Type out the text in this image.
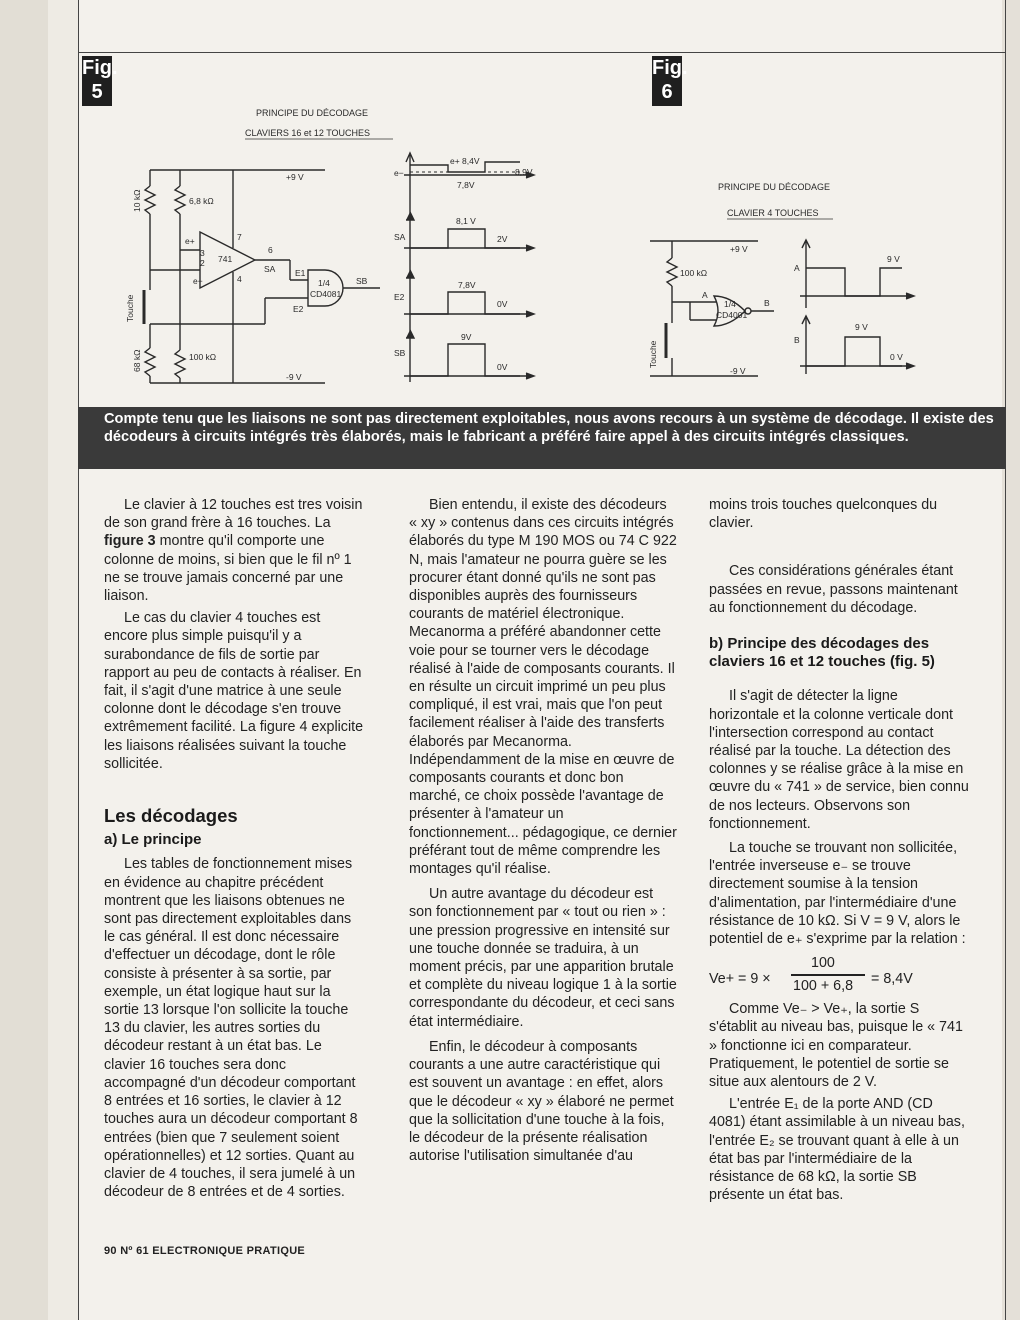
Fig.
5
Fig.
6
PRINCIPE DU DÉCODAGE
CLAVIERS 16 et 12 TOUCHES
PRINCIPE DU DÉCODAGE
CLAVIER 4 TOUCHES
+9 V
-9 V
10 kΩ	6,8 kΩ
68 kΩ	100 kΩ
Touche
741
e+
e−
3
2
7
4
6
SA E1
E2
1/4
CD4081
SB
e−
e+ 8,4V
8,9V
7,8V
SA
8,1 V
2V
E2
7,8V
0V
SB
9V
0V
+9 V
-9 V
100 kΩ
Touche
A
1/4
CD4001
B
A
9 V
B
9 V
0 V
Compte tenu que les liaisons ne sont pas directement exploitables, nous avons recours à un système de décodage. Il existe des décodeurs à circuits intégrés très élaborés, mais le fabricant a préféré faire appel à des circuits intégrés classiques.

Le clavier à 12 touches est tres voisin de son grand frère à 16 touches. La figure 3 montre qu'il comporte une colonne de moins, si bien que le fil nº 1 ne se trouve jamais concerné par une liaison.

Le cas du clavier 4 touches est encore plus simple puisqu'il y a surabondance de fils de sortie par rapport au peu de contacts à réaliser. En fait, il s'agit d'une matrice à une seule colonne dont le décodage s'en trouve extrêmement facilité. La figure 4 explicite les liaisons réalisées suivant la touche sollicitée.

Les décodages
a) Le principe

Les tables de fonctionnement mises en évidence au chapitre précédent montrent que les liaisons obtenues ne sont pas directement exploitables dans le cas général. Il est donc nécessaire d'effectuer un décodage, dont le rôle consiste à présenter à sa sortie, par exemple, un état logique haut sur la sortie 13 lorsque l'on sollicite la touche 13 du clavier, les autres sorties du décodeur restant à un état bas. Le clavier 16 touches sera donc accompagné d'un décodeur comportant 8 entrées et 16 sorties, le clavier à 12 touches aura un décodeur comportant 8 entrées (bien que 7 seulement soient opérationnelles) et 12 sorties. Quant au clavier de 4 touches, il sera jumelé à un décodeur de 8 entrées et de 4 sorties.

Bien entendu, il existe des décodeurs « xy » contenus dans ces circuits intégrés élaborés du type M 190 MOS ou 74 C 922 N, mais l'amateur ne pourra guère se les procurer étant donné qu'ils ne sont pas disponibles auprès des fournisseurs courants de matériel électronique. Mecanorma a préféré abandonner cette voie pour se tourner vers le décodage réalisé à l'aide de composants courants. Il en résulte un circuit imprimé un peu plus compliqué, il est vrai, mais que l'on peut facilement réaliser à l'aide des transferts élaborés par Mecanorma. Indépendamment de la mise en œuvre de composants courants et donc bon marché, ce choix possède l'avantage de présenter à l'amateur un fonctionnement... pédagogique, ce dernier préférant tout de même comprendre les montages qu'il réalise.

Un autre avantage du décodeur est son fonctionnement par « tout ou rien » : une pression progressive en intensité sur une touche donnée se traduira, à un moment précis, par une apparition brutale et complète du niveau logique 1 à la sortie correspondante du décodeur, et ceci sans état intermédiaire.

Enfin, le décodeur à composants courants a une autre caractéristique qui est souvent un avantage : en effet, alors que le décodeur « xy » élaboré ne permet que la sollicitation d'une touche à la fois, le décodeur de la présente réalisation autorise l'utilisation simultanée d'au

moins trois touches quelconques du clavier.

Ces considérations générales étant passées en revue, passons maintenant au fonctionnement du décodage.

b) Principe des décodages des claviers 16 et 12 touches (fig. 5)

Il s'agit de détecter la ligne horizontale et la colonne verticale dont l'intersection correspond au contact réalisé par la touche. La détection des colonnes y se réalise grâce à la mise en œuvre du « 741 » de service, bien connu de nos lecteurs. Observons son fonctionnement.

La touche se trouvant non sollicitée, l'entrée inverseuse e₋ se trouve directement soumise à la tension d'alimentation, par l'intermédiaire d'une résistance de 10 kΩ. Si V = 9 V, alors le potentiel de e₊ s'exprime par la relation :

Ve+ = 9 ×
100
100 + 6,8 = 8,4V

Comme Ve₋ > Ve₊, la sortie S s'établit au niveau bas, puisque le « 741 » fonctionne ici en comparateur. Pratiquement, le potentiel de sortie se situe aux alentours de 2 V.

L'entrée E₁ de la porte AND (CD 4081) étant assimilable à un niveau bas, l'entrée E₂ se trouvant quant à elle à un état bas par l'intermédiaire de la résistance de 68 kΩ, la sortie SB présente un état bas.

90 Nº 61 ELECTRONIQUE PRATIQUE
